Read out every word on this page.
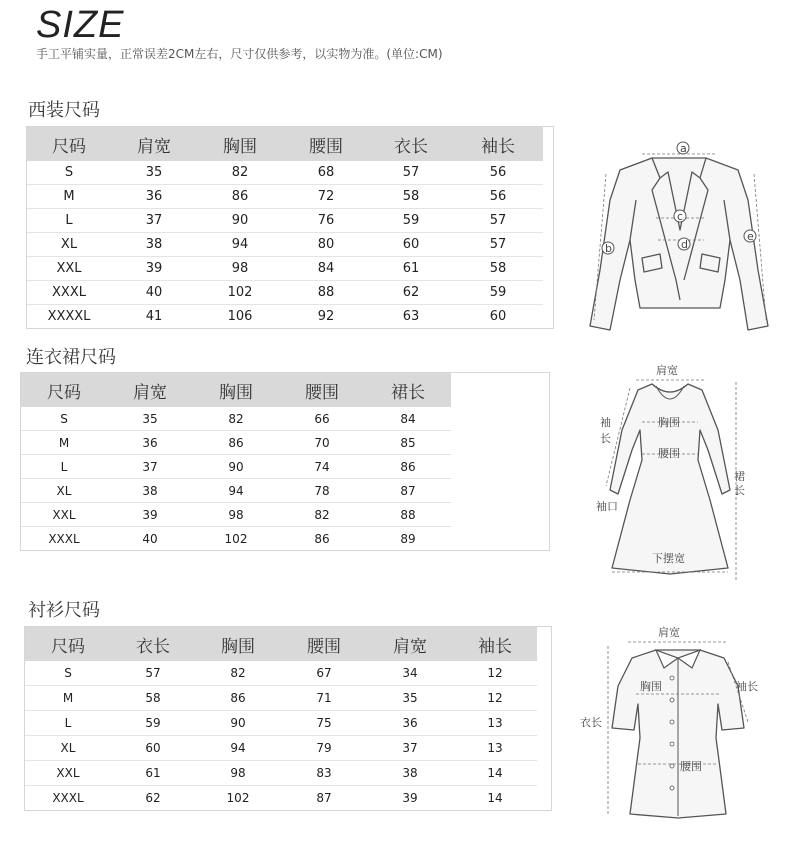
SIZE
手工平铺实量，正常误差2CM左右，尺寸仅供参考，以实物为准。(单位:CM)
西装尺码
尺码	肩宽	胸围	腰围	衣长	袖长
S	35	82	68	57	56
M	36	86	72	58	56
L	37	90	76	59	57
XL	38	94	80	60	57
XXL	39	98	84	61	58
XXXL	40	102	88	62	59
XXXXL	41	106	92	63	60
连衣裙尺码
尺码	肩宽	胸围	腰围	裙长
S	35	82	66	84
M	36	86	70	85
L	37	90	74	86
XL	38	94	78	87
XXL	39	98	82	88
XXXL	40	102	86	89
衬衫尺码
尺码	衣长	胸围	腰围	肩宽	袖长
S	57	82	67	34	12
M	58	86	71	35	12
L	59	90	75	36	13
XL	60	94	79	37	13
XXL	61	98	83	38	14
XXXL	62	102	87	39	14
a
b
c
d
e
肩宽
袖
长
胸围
腰围
裙
长
袖口
下摆宽
肩宽
袖长
胸围
衣长
腰围
